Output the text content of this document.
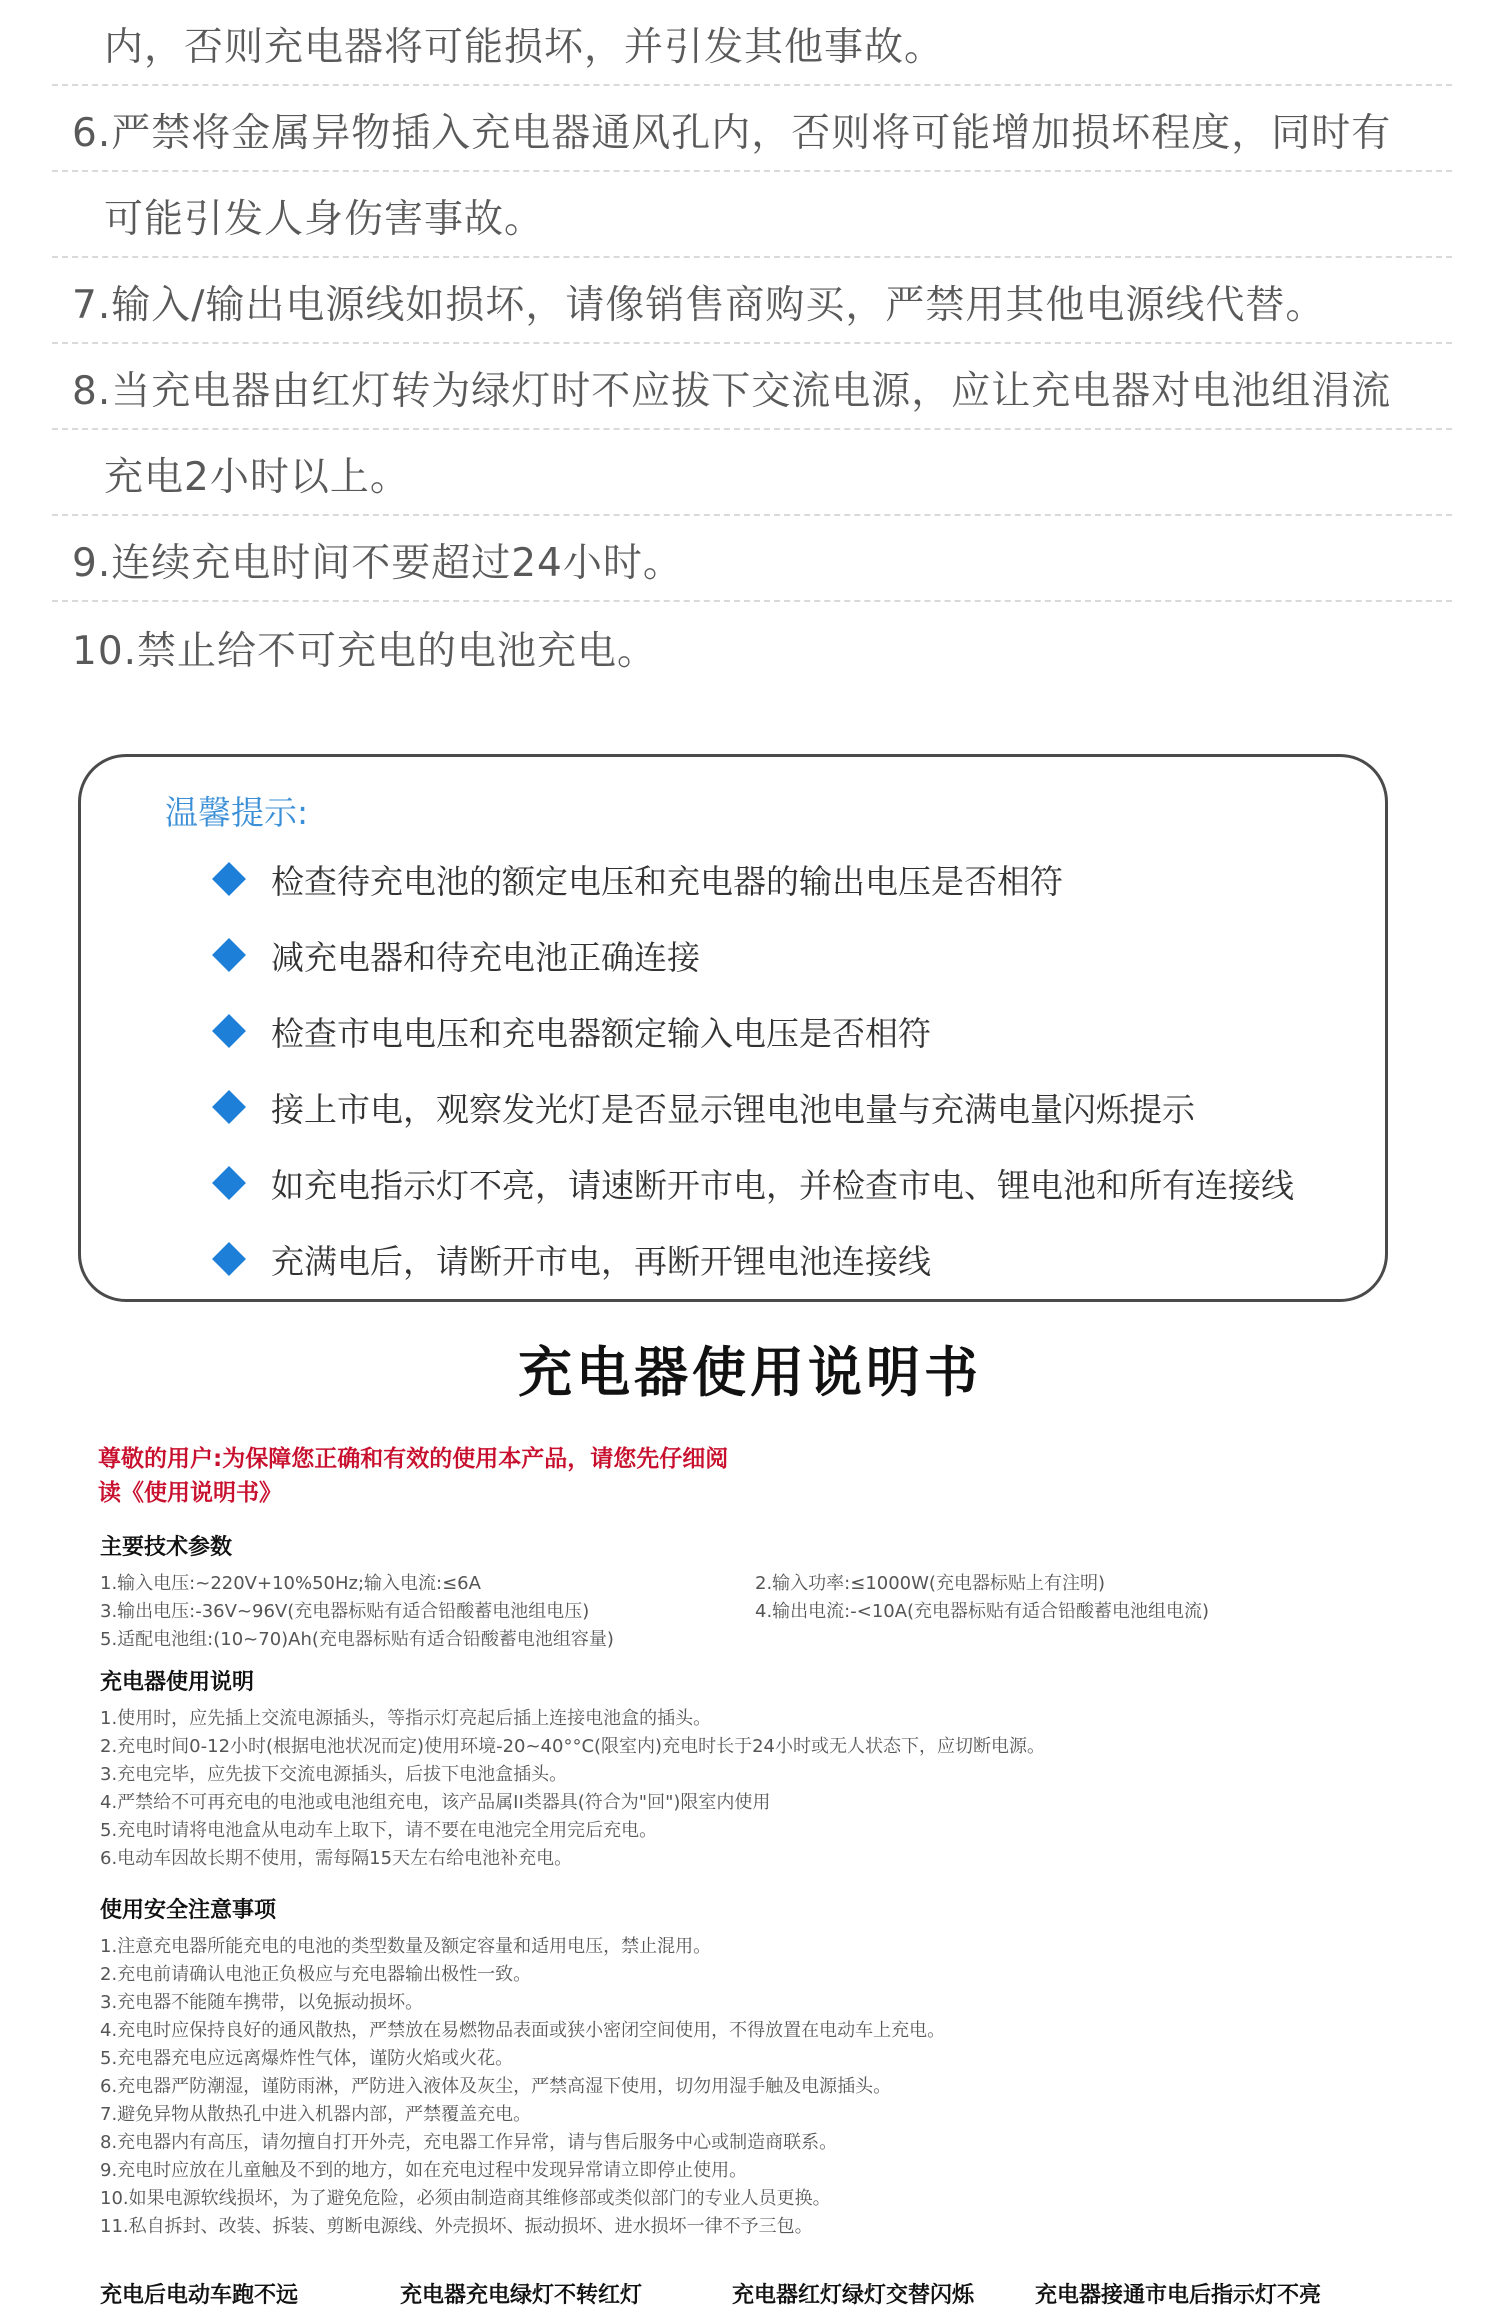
内，否则充电器将可能损坏，并引发其他事故。
6.严禁将金属异物插入充电器通风孔内，否则将可能增加损坏程度，同时有
可能引发人身伤害事故。
7.输入/输出电源线如损坏，请像销售商购买，严禁用其他电源线代替。
8.当充电器由红灯转为绿灯时不应拔下交流电源，应让充电器对电池组涓流
充电2小时以上。
9.连续充电时间不要超过24小时。
10.禁止给不可充电的电池充电。
温馨提示:
检查待充电池的额定电压和充电器的输出电压是否相符
减充电器和待充电池正确连接
检查市电电压和充电器额定输入电压是否相符
接上市电，观察发光灯是否显示锂电池电量与充满电量闪烁提示
如充电指示灯不亮，请速断开市电，并检查市电、锂电池和所有连接线
充满电后，请断开市电，再断开锂电池连接线
充电器使用说明书
尊敬的用户:为保障您正确和有效的使用本产品，请您先仔细阅
读《使用说明书》
主要技术参数
1.输入电压:~220V+10%50Hz;输入电流:≤6A	2.输入功率:≤1000W(充电器标贴上有注明)
3.输出电压:-36V~96V(充电器标贴有适合铅酸蓄电池组电压)	4.输出电流:-<10A(充电器标贴有适合铅酸蓄电池组电流)
5.适配电池组:(10~70)Ah(充电器标贴有适合铅酸蓄电池组容量)
充电器使用说明
1.使用时，应先插上交流电源插头，等指示灯亮起后插上连接电池盒的插头。
2.充电时间0-12小时(根据电池状况而定)使用环境-20~40°°C(限室内)充电时长于24小时或无人状态下，应切断电源。
3.充电完毕，应先拔下交流电源插头，后拔下电池盒插头。
4.严禁给不可再充电的电池或电池组充电，该产品属II类器具(符合为"回")限室内使用
5.充电时请将电池盒从电动车上取下，请不要在电池完全用完后充电。
6.电动车因故长期不使用，需每隔15天左右给电池补充电。
使用安全注意事项
1.注意充电器所能充电的电池的类型数量及额定容量和适用电压，禁止混用。
2.充电前请确认电池正负极应与充电器输出极性一致。
3.充电器不能随车携带，以免振动损坏。
4.充电时应保持良好的通风散热，严禁放在易燃物品表面或狭小密闭空间使用，不得放置在电动车上充电。
5.充电器充电应远离爆炸性气体，谨防火焰或火花。
6.充电器严防潮湿，谨防雨淋，严防进入液体及灰尘，严禁高湿下使用，切勿用湿手触及电源插头。
7.避免异物从散热孔中进入机器内部，严禁覆盖充电。
8.充电器内有高压，请勿擅自打开外壳，充电器工作异常，请与售后服务中心或制造商联系。
9.充电时应放在儿童触及不到的地方，如在充电过程中发现异常请立即停止使用。
10.如果电源软线损坏，为了避免危险，必须由制造商其维修部或类似部门的专业人员更换。
11.私自拆封、改装、拆装、剪断电源线、外壳损坏、振动损坏、进水损坏一律不予三包。
充电后电动车跑不远	充电器充电绿灯不转红灯	充电器红灯绿灯交替闪烁	充电器接通市电后指示灯不亮
